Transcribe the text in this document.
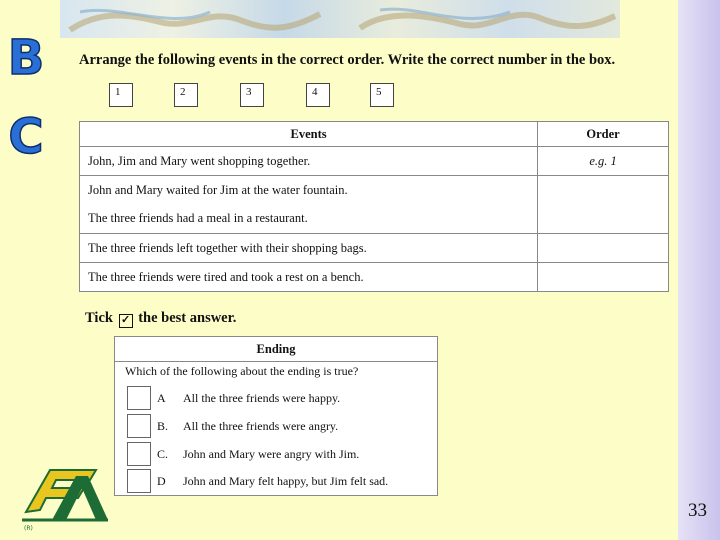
B
C
Arrange the following events in the correct order. Write the correct number in the box.
1	2	3	4	5
Events	Order
John, Jim and Mary went shopping together.	e.g. 1
John and Mary waited for Jim at the water fountain.	
The three friends had a meal in a restaurant.	
The three friends left together with their shopping bags.	
The three friends were tired and took a rest on a bench.	
Tick ✓ the best answer.
Ending
Which of the following about the ending is true?
A All the three friends were happy.
B. All the three friends were angry.
C. John and Mary were angry with Jim.
D John and Mary felt happy, but Jim felt sad.
(R)
33
